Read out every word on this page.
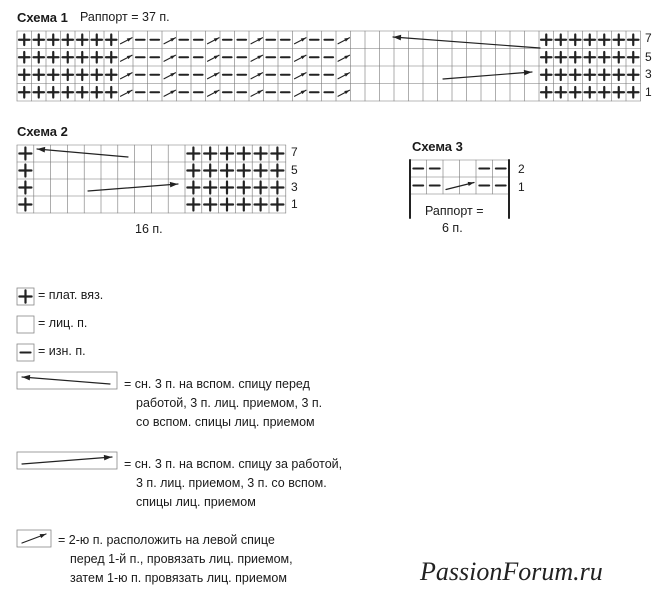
Схема 1 Раппорт = 37 п.
7
5
3
1
Схема 2
7
5
3
1
16 п.
Схема 3
2
1
Раппорт =
6 п.
= плат. вяз.
= лиц. п.
= изн. п.
= сн. 3 п. на вспом. спицу перед
работой, 3 п. лиц. приемом, 3 п.
со вспом. спицы лиц. приемом
= сн. 3 п. на вспом. спицу за работой,
3 п. лиц. приемом, 3 п. со вспом.
спицы лиц. приемом
= 2-ю п. расположить на левой спице
перед 1-й п., провязать лиц. приемом,
затем 1-ю п. провязать лиц. приемом	PassionForum.ru
